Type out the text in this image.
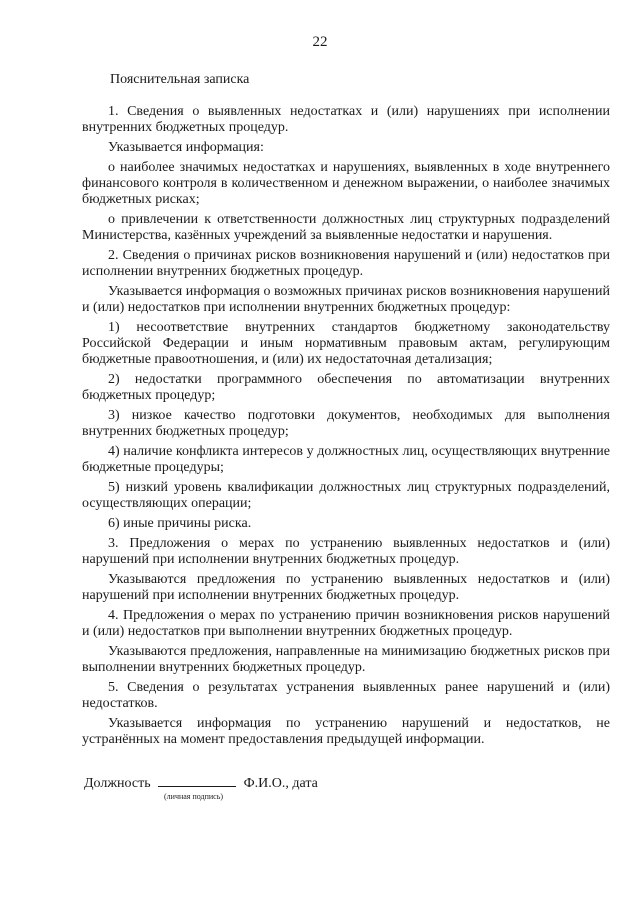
22
Пояснительная записка

1. Сведения о выявленных недостатках и (или) нарушениях при исполнении внутренних бюджетных процедур.

Указывается информация:

о наиболее значимых недостатках и нарушениях, выявленных в ходе внутреннего финансового контроля в количественном и денежном выражении, о наиболее значимых бюджетных рисках;

о привлечении к ответственности должностных лиц структурных подразделений Министерства, казённых учреждений за выявленные недостатки и нарушения.

2. Сведения о причинах рисков возникновения нарушений и (или) недостатков при исполнении внутренних бюджетных процедур.

Указывается информация о возможных причинах рисков возникновения нарушений и (или) недостатков при исполнении внутренних бюджетных процедур:

1) несоответствие внутренних стандартов бюджетному законодательству Российской Федерации и иным нормативным правовым актам, регулирующим бюджетные правоотношения, и (или) их недостаточная детализация;

2) недостатки программного обеспечения по автоматизации внутренних бюджетных процедур;

3) низкое качество подготовки документов, необходимых для выполнения внутренних бюджетных процедур;

4) наличие конфликта интересов у должностных лиц, осуществляющих внутренние бюджетные процедуры;

5) низкий уровень квалификации должностных лиц структурных подразделений, осуществляющих операции;

6) иные причины риска.

3. Предложения о мерах по устранению выявленных недостатков и (или) нарушений при исполнении внутренних бюджетных процедур.

Указываются предложения по устранению выявленных недостатков и (или) нарушений при исполнении внутренних бюджетных процедур.

4. Предложения о мерах по устранению причин возникновения рисков нарушений и (или) недостатков при выполнении внутренних бюджетных процедур.

Указываются предложения, направленные на минимизацию бюджетных рисков при выполнении внутренних бюджетных процедур.

5. Сведения о результатах устранения выявленных ранее нарушений и (или) недостатков.

Указывается информация по устранению нарушений и недостатков, не устранённых на момент предоставления предыдущей информации.

Должность	Ф.И.О., дата
(личная подпись)
